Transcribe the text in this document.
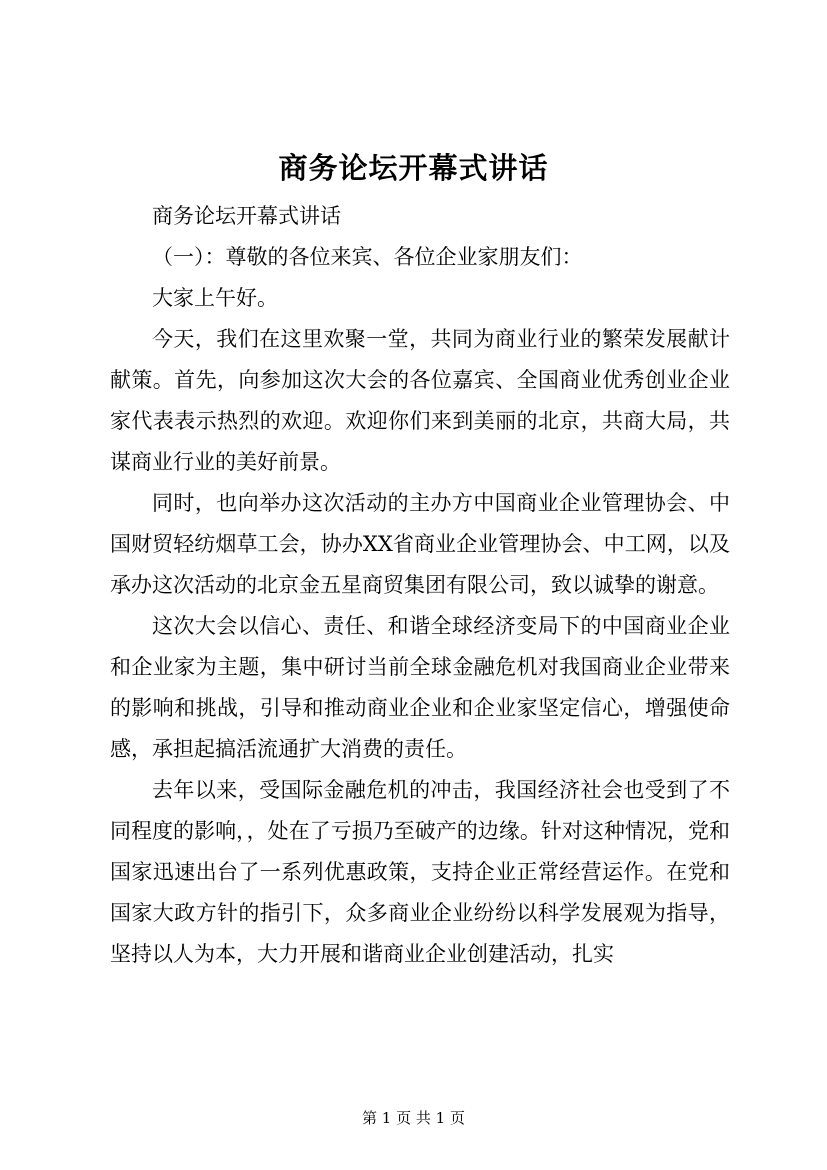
商务论坛开幕式讲话

商务论坛开幕式讲话

（一）：尊敬的各位来宾、各位企业家朋友们：

大家上午好。

今天，我们在这里欢聚一堂，共同为商业行业的繁荣发展献计献策。首先，向参加这次大会的各位嘉宾、全国商业优秀创业企业家代表表示热烈的欢迎。欢迎你们来到美丽的北京，共商大局，共谋商业行业的美好前景。

同时，也向举办这次活动的主办方中国商业企业管理协会、中国财贸轻纺烟草工会，协办XX省商业企业管理协会、中工网，以及承办这次活动的北京金五星商贸集团有限公司，致以诚挚的谢意。

这次大会以信心、责任、和谐全球经济变局下的中国商业企业和企业家为主题，集中研讨当前全球金融危机对我国商业企业带来的影响和挑战，引导和推动商业企业和企业家坚定信心，增强使命感，承担起搞活流通扩大消费的责任。

去年以来，受国际金融危机的冲击，我国经济社会也受到了不同程度的影响，，处在了亏损乃至破产的边缘。针对这种情况，党和国家迅速出台了一系列优惠政策，支持企业正常经营运作。在党和国家大政方针的指引下，众多商业企业纷纷以科学发展观为指导，坚持以人为本，大力开展和谐商业企业创建活动，扎实

第 1 页 共 1 页
